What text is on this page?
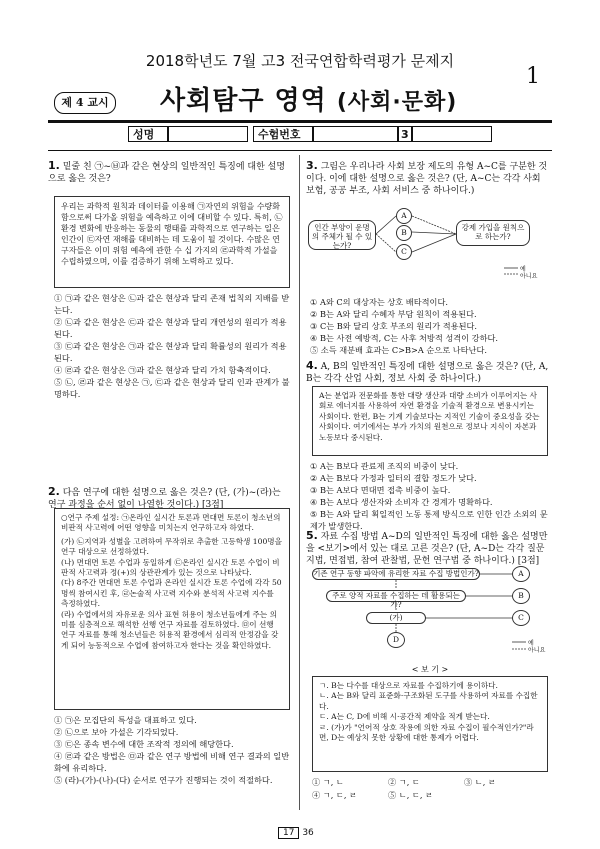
2018학년도 7월 고3 전국연합학력평가 문제지
1
제 4 교시 사회탐구 영역 (사회·문화)
성명	수험번호	3
1. 밑줄 친 ㉠~㉥과 같은 현상의 일반적인 특징에 대한 설명으로 옳은 것은?
우리는 과학적 원칙과 데이터를 이용해 ㉠자연의 위험을 수량화함으로써 다가올 위험을 예측하고 이에 대비할 수 있다. 특히, ㉡환경 변화에 반응하는 동물의 행태를 과학적으로 연구하는 일은 인간이 ㉢자연 재해를 대비하는 데 도움이 될 것이다. 수많은 연구자들은 이미 위험 예측에 관한 수 십 가지의 ㉣과학적 가설을 수립하였으며, 이를 검증하기 위해 노력하고 있다.
① ㉠과 같은 현상은 ㉡과 같은 현상과 달리 존재 법칙의 지배를 받는다.
② ㉡과 같은 현상은 ㉢과 같은 현상과 달리 개연성의 원리가 적용된다.
③ ㉢과 같은 현상은 ㉠과 같은 현상과 달리 확률성의 원리가 적용된다.
④ ㉣과 같은 현상은 ㉠과 같은 현상과 달리 가치 함축적이다.
⑤ ㉡, ㉣과 같은 현상은 ㉠, ㉢과 같은 현상과 달리 인과 관계가 불명하다.
2. 다음 연구에 대한 설명으로 옳은 것은? (단, (가)~(라)는 연구 과정을 순서 없이 나열한 것이다.) [3점]
○연구 주제 설정: ㉠온라인 실시간 토론과 면대면 토론이 청소년의 비판적 사고력에 어떤 영향을 미치는지 연구하고자 하였다.
(가) ㉡지역과 성별을 고려하여 무작위로 추출한 고등학생 100명을 연구 대상으로 선정하였다.
(나) 면대면 토론 수업과 동일하게 ㉢온라인 실시간 토론 수업이 비판적 사고력과 정(+)의 상관관계가 있는 것으로 나타났다.
(다) 8주간 면대면 토론 수업과 온라인 실시간 토론 수업에 각각 50명씩 참여시킨 후, ㉣논술적 사고력 지수와 분석적 사고력 지수를 측정하였다.
(라) 수업에서의 자유로운 의사 표현 허용이 청소년들에게 주는 의미를 심층적으로 해석한 선행 연구 자료를 검토하였다. ㉤이 선행 연구 자료를 통해 청소년들은 허용적 환경에서 심리적 안정감을 갖게 되어 능동적으로 수업에 참여하고자 한다는 것을 확인하였다.
① ㉠은 모집단의 특성을 대표하고 있다.
② ㉡으로 보아 가설은 기각되었다.
③ ㉢은 종속 변수에 대한 조작적 정의에 해당한다.
④ ㉣과 같은 방법은 ㉤과 같은 연구 방법에 비해 연구 결과의 일반화에 유리하다.
⑤ (라)-(가)-(나)-(다) 순서로 연구가 진행되는 것이 적절하다.
3. 그림은 우리나라 사회 보장 제도의 유형 A~C를 구분한 것이다. 이에 대한 설명으로 옳은 것은? (단, A~C는 각각 사회 보험, 공공 부조, 사회 서비스 중 하나이다.)
인간 부양이 운명의 주체가 될 수 있는가?
A
B
C
강제 가입을 원칙으로 하는가?
예
아니요
① A와 C의 대상자는 상호 배타적이다.
② B는 A와 달리 수혜자 부담 원칙이 적용된다.
③ C는 B와 달리 상호 부조의 원리가 적용된다.
④ B는 사전 예방적, C는 사후 처방적 성격이 강하다.
⑤ 소득 재분배 효과는 C>B>A 순으로 나타난다.
4. A, B의 일반적인 특징에 대한 설명으로 옳은 것은? (단, A, B는 각각 산업 사회, 정보 사회 중 하나이다.)
A는 분업과 전문화를 통한 대량 생산과 대량 소비가 이루어지는 사회로 에너지를 사용하여 자연 환경을 기술적 환경으로 변용시키는 사회이다. 한편, B는 기계 기술보다는 지적인 기술이 중요성을 갖는 사회이다. 여기에서는 부가 가치의 원천으로 정보나 지식이 자본과 노동보다 중시된다.
① A는 B보다 관료제 조직의 비중이 낮다.
② A는 B보다 가정과 일터의 결합 정도가 낮다.
③ B는 A보다 면대면 접촉 비중이 높다.
④ B는 A보다 생산자와 소비자 간 경계가 명확하다.
⑤ B는 A와 달리 획일적인 노동 통제 방식으로 인한 인간 소외의 문제가 발생한다.
5. 자료 수집 방법 A~D의 일반적인 특징에 대한 옳은 설명만을 <보기>에서 있는 대로 고른 것은? (단, A~D는 각각 질문지법, 면접법, 참여 관찰법, 문헌 연구법 중 하나이다.) [3점]
기존 연구 동향 파악에 유리한 자료 수집 방법인가?	A
주로 양적 자료를 수집하는 데 활용되는가?
B
(가)	C
D	예
아니요
< 보 기 >
ㄱ. B는 다수를 대상으로 자료를 수집하기에 용이하다.
ㄴ. A는 B와 달리 표준화·구조화된 도구를 사용하여 자료를 수집한다.
ㄷ. A는 C, D에 비해 시·공간적 제약을 적게 받는다.
ㄹ. (가)가 "언어적 상호 작용에 의한 자료 수집이 필수적인가?"라면, D는 예상치 못한 상황에 대한 통제가 어렵다.
① ㄱ, ㄴ	② ㄱ, ㄷ	③ ㄴ, ㄹ
④ ㄱ, ㄷ, ㄹ	⑤ ㄴ, ㄷ, ㄹ
17 36
